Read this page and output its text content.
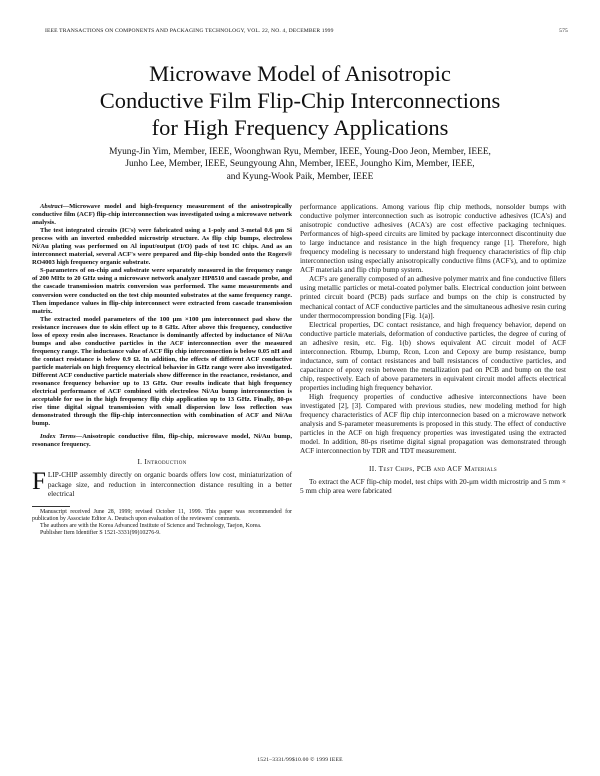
IEEE TRANSACTIONS ON COMPONENTS AND PACKAGING TECHNOLOGY, VOL. 22, NO. 4, DECEMBER 1999	575
Microwave Model of Anisotropic
Conductive Film Flip-Chip Interconnections
for High Frequency Applications
Myung-Jin Yim, Member, IEEE, Woonghwan Ryu, Member, IEEE, Young-Doo Jeon, Member, IEEE,
Junho Lee, Member, IEEE, Seungyoung Ahn, Member, IEEE, Joungho Kim, Member, IEEE,
and Kyung-Wook Paik, Member, IEEE

Abstract—Microwave model and high-frequency measurement of the anisotropically conductive film (ACF) flip-chip interconnection was investigated using a microwave network analysis.

The test integrated circuits (IC's) were fabricated using a 1-poly and 3-metal 0.6 μm Si process with an inverted embedded microstrip structure. As flip chip bumps, electroless Ni/Au plating was performed on Al input/output (I/O) pads of test IC chips. And as an interconnect material, several ACF's were prepared and flip-chip bonded onto the Rogers® RO4003 high frequency organic substrate.

S-parameters of on-chip and substrate were separately measured in the frequency range of 200 MHz to 20 GHz using a microwave network analyzer HP8510 and cascade probe, and the cascade transmission matrix conversion was performed. The same measurements and conversion were conducted on the test chip mounted substrates at the same frequency range. Then impedance values in flip-chip interconnect were extracted from cascade transmission matrix.

The extracted model parameters of the 100 μm ×100 μm interconnect pad show the resistance increases due to skin effect up to 8 GHz. After above this frequency, conductive loss of epoxy resin also increases. Reactance is dominantly affected by inductance of Ni/Au bumps and also conductive particles in the ACF interconnection over the measured frequency range. The inductance value of ACF flip chip interconnection is below 0.05 nH and the contact resistance is below 0.9 Ω. In addition, the effects of different ACF conductive particle materials on high frequency electrical behavior in GHz range were also investigated. Different ACF conductive particle materials show difference in the reactance, resistance, and resonance frequency behavior up to 13 GHz. Our results indicate that high frequency electrical performance of ACF combined with electroless Ni/Au bump interconnection is acceptable for use in the high frequency flip chip application up to 13 GHz. Finally, 80-ps rise time digital signal transmission with small dispersion low loss reflection was demonstrated through the flip-chip interconnection with combination of ACF and Ni/Au bump.

Index Terms—Anisotropic conductive film, flip-chip, microwave model, Ni/Au bump, resonance frequency.

I. Introduction

FLIP-CHIP assembly directly on organic boards offers low cost, miniaturization of package size, and reduction in interconnection distance resulting in a better electrical

Manuscript received June 28, 1999; revised October 11, 1999. This paper was recommended for publication by Associate Editor A. Deutsch upon evaluation of the reviewers' comments.

The authors are with the Korea Advanced Institute of Science and Technology, Taejon, Korea.

Publisher Item Identifier S 1521-3331(99)10276-9.

performance applications. Among various flip chip methods, nonsolder bumps with conductive polymer interconnection such as isotropic conductive adhesives (ICA's) and anisotropic conductive adhesives (ACA's) are cost effective packaging techniques. Performances of high-speed circuits are limited by package interconnect discontinuity due to large inductance and resistance in the high frequency range [1]. Therefore, high frequency modeling is necessary to understand high frequency characteristics of flip chip interconnection using especially anisotropically conductive films (ACF's), and to optimize ACF materials and flip chip bump system.

ACF's are generally composed of an adhesive polymer matrix and fine conductive fillers using metallic particles or metal-coated polymer balls. Electrical conduction joint between printed circuit board (PCB) pads surface and bumps on the chip is constructed by mechanical contact of ACF conductive particles and the simultaneous adhesive resin curing under thermocompression bonding [Fig. 1(a)].

Electrical properties, DC contact resistance, and high frequency behavior, depend on conductive particle materials, deformation of conductive particles, the degree of curing of an adhesive resin, etc. Fig. 1(b) shows equivalent AC circuit model of ACF interconnection. Rbump, Lbump, Rcon, Lcon and Cepoxy are bump resistance, bump inductance, sum of contact resistances and ball resistances of conductive particles, and capacitance of epoxy resin between the metallization pad on PCB and bump on the test chip, respectively. Each of above parameters in equivalent circuit model affects electrical properties including high frequency behavior.

High frequency properties of conductive adhesive interconnections have been investigated [2], [3]. Compared with previous studies, new modeling method for high frequency characteristics of ACF flip chip interconnecion based on a microwave network analysis and S-parameter measurements is proposed in this study. The effect of conductive particles in the ACF on high frequency properties was investigated using the extracted model. In addition, 80-ps risetime digital signal propagation was demonstrated through ACF interconnection by TDR and TDT measurement.

II. Test Chips, PCB and ACF Materials

To extract the ACF flip-chip model, test chips with 20-μm width microstrip and 5 mm × 5 mm chip area were fabricated

1521–3331/99$10.00 © 1999 IEEE
